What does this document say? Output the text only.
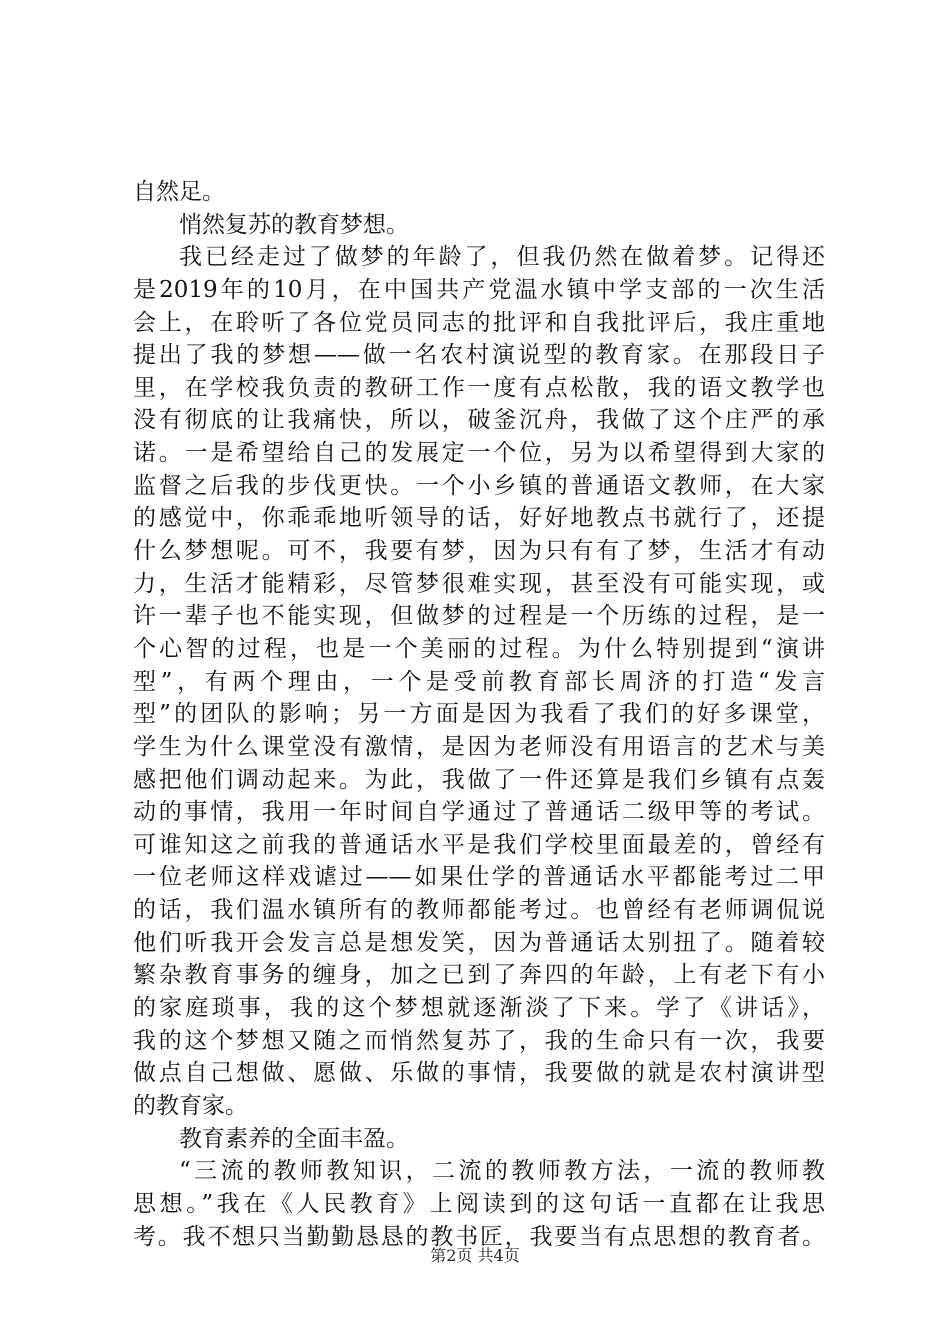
自然足。
悄然复苏的教育梦想。
我已经走过了做梦的年龄了，但我仍然在做着梦。记得还
是2019年的10月，在中国共产党温水镇中学支部的一次生活
会上，在聆听了各位党员同志的批评和自我批评后，我庄重地
提出了我的梦想——做一名农村演说型的教育家。在那段日子
里，在学校我负责的教研工作一度有点松散，我的语文教学也
没有彻底的让我痛快，所以，破釜沉舟，我做了这个庄严的承
诺。一是希望给自己的发展定一个位，另为以希望得到大家的
监督之后我的步伐更快。一个小乡镇的普通语文教师，在大家
的感觉中，你乖乖地听领导的话，好好地教点书就行了，还提
什么梦想呢。可不，我要有梦，因为只有有了梦，生活才有动
力，生活才能精彩，尽管梦很难实现，甚至没有可能实现，或
许一辈子也不能实现，但做梦的过程是一个历练的过程，是一
个心智的过程，也是一个美丽的过程。为什么特别提到“演讲
型”，有两个理由，一个是受前教育部长周济的打造“发言
型”的团队的影响；另一方面是因为我看了我们的好多课堂，
学生为什么课堂没有激情，是因为老师没有用语言的艺术与美
感把他们调动起来。为此，我做了一件还算是我们乡镇有点轰
动的事情，我用一年时间自学通过了普通话二级甲等的考试。
可谁知这之前我的普通话水平是我们学校里面最差的，曾经有
一位老师这样戏谑过——如果仕学的普通话水平都能考过二甲
的话，我们温水镇所有的教师都能考过。也曾经有老师调侃说
他们听我开会发言总是想发笑，因为普通话太别扭了。随着较
繁杂教育事务的缠身，加之已到了奔四的年龄，上有老下有小
的家庭琐事，我的这个梦想就逐渐淡了下来。学了《讲话》，
我的这个梦想又随之而悄然复苏了，我的生命只有一次，我要
做点自己想做、愿做、乐做的事情，我要做的就是农村演讲型
的教育家。
教育素养的全面丰盈。
“三流的教师教知识，二流的教师教方法，一流的教师教
思想。”我在《人民教育》上阅读到的这句话一直都在让我思
考。我不想只当勤勤恳恳的教书匠，我要当有点思想的教育者。
第2页 共4页
